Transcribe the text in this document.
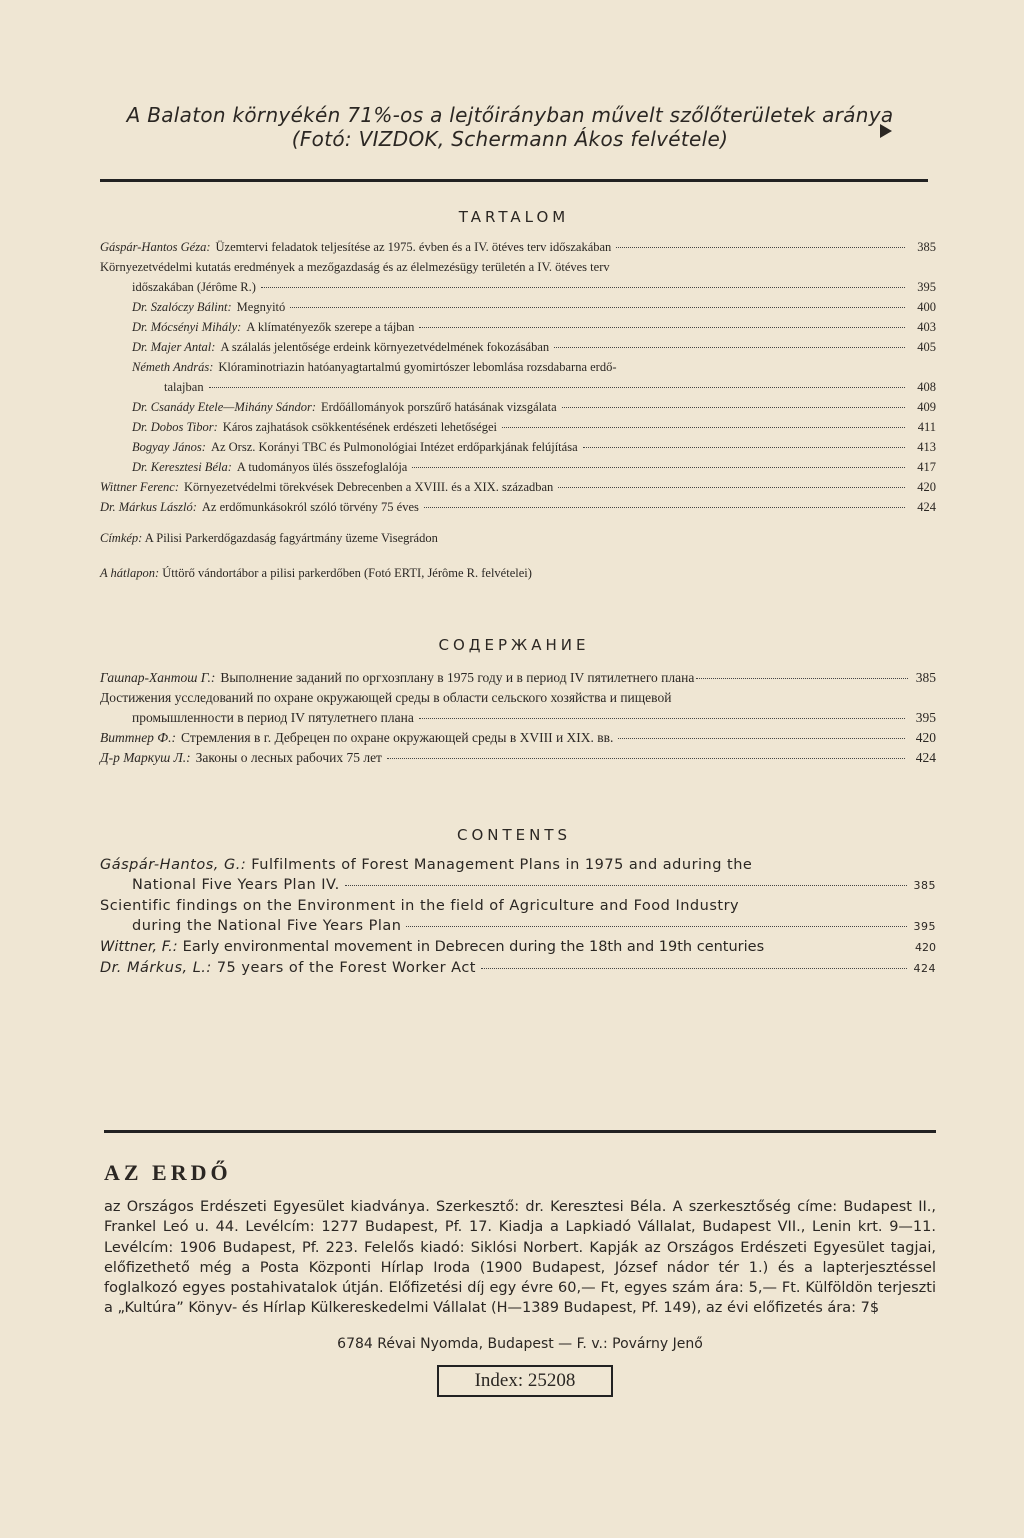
A Balaton környékén 71%-os a lejtőirányban művelt szőlőterületek aránya
(Fotó: VIZDOK, Schermann Ákos felvétele)
TARTALOM
Gáspár-Hantos Géza: Üzemtervi feladatok teljesítése az 1975. évben és a IV. ötéves terv időszakában	385
Környezetvédelmi kutatás eredmények a mezőgazdaság és az élelmezésügy területén a IV. ötéves terv
időszakában (Jérôme R.)	395
Dr. Szalóczy Bálint: Megnyitó	400
Dr. Mócsényi Mihály: A klímatényezők szerepe a tájban	403
Dr. Majer Antal: A szálalás jelentősége erdeink környezetvédelmének fokozásában	405
Németh András: Klóraminotriazin hatóanyagtartalmú gyomirtószer lebomlása rozsdabarna erdő-
talajban	408
Dr. Csanády Etele—Mihány Sándor: Erdőállományok porszűrő hatásának vizsgálata	409
Dr. Dobos Tibor: Káros zajhatások csökkentésének erdészeti lehetőségei	411
Bogyay János: Az Orsz. Korányi TBC és Pulmonológiai Intézet erdőparkjának felújítása	413
Dr. Keresztesi Béla: A tudományos ülés összefoglalója	417
Wittner Ferenc: Környezetvédelmi törekvések Debrecenben a XVIII. és a XIX. században	420
Dr. Márkus László: Az erdőmunkásokról szóló törvény 75 éves	424
Címkép: A Pilisi Parkerdőgazdaság fagyártmány üzeme Visegrádon
A hátlapon: Úttörő vándortábor a pilisi parkerdőben (Fotó ERTI, Jérôme R. felvételei)
СОДЕРЖАНИЕ
Гашпар-Хантош Г.: Выполнение заданий по оргхозплану в 1975 году и в период IV пятилетнего плана	385
Достижения усследований по охране окружающей среды в области сельского хозяйства и пищевой
промышленности в период IV пятулетнего плана	395
Виттнер Ф.: Стремления в г. Дебрецен по охране окружающей среды в XVIII и XIX. вв.	420
Д-р Маркуш Л.: Законы о лесных рабочих 75 лет	424
CONTENTS
Gáspár-Hantos, G.: Fulfilments of Forest Management Plans in 1975 and aduring the
National Five Years Plan IV.	385
Scientific findings on the Environment in the field of Agriculture and Food Industry
during the National Five Years Plan	395
Wittner, F.: Early environmental movement in Debrecen during the 18th and 19th centuries	420
Dr. Márkus, L.: 75 years of the Forest Worker Act	424
AZ ERDŐ
az Országos Erdészeti Egyesület kiadványa. Szerkesztő: dr. Keresztesi Béla. A szerkesztőség címe: Budapest II., Frankel Leó u. 44. Levélcím: 1277 Budapest, Pf. 17. Kiadja a Lapkiadó Vállalat, Budapest VII., Lenin krt. 9—11. Levélcím: 1906 Budapest, Pf. 223. Felelős kiadó: Siklósi Norbert. Kapják az Országos Erdészeti Egyesület tagjai, előfizethető még a Posta Központi Hírlap Iroda (1900 Budapest, József nádor tér 1.) és a lapterjesztéssel foglalkozó egyes postahivatalok útján. Előfizetési díj egy évre 60,— Ft, egyes szám ára: 5,— Ft. Külföldön terjeszti a „Kultúra” Könyv- és Hírlap Külkereskedelmi Vállalat (H—1389 Budapest, Pf. 149), az évi előfizetés ára: 7$
6784 Révai Nyomda, Budapest — F. v.: Povárny Jenő
Index: 25208
